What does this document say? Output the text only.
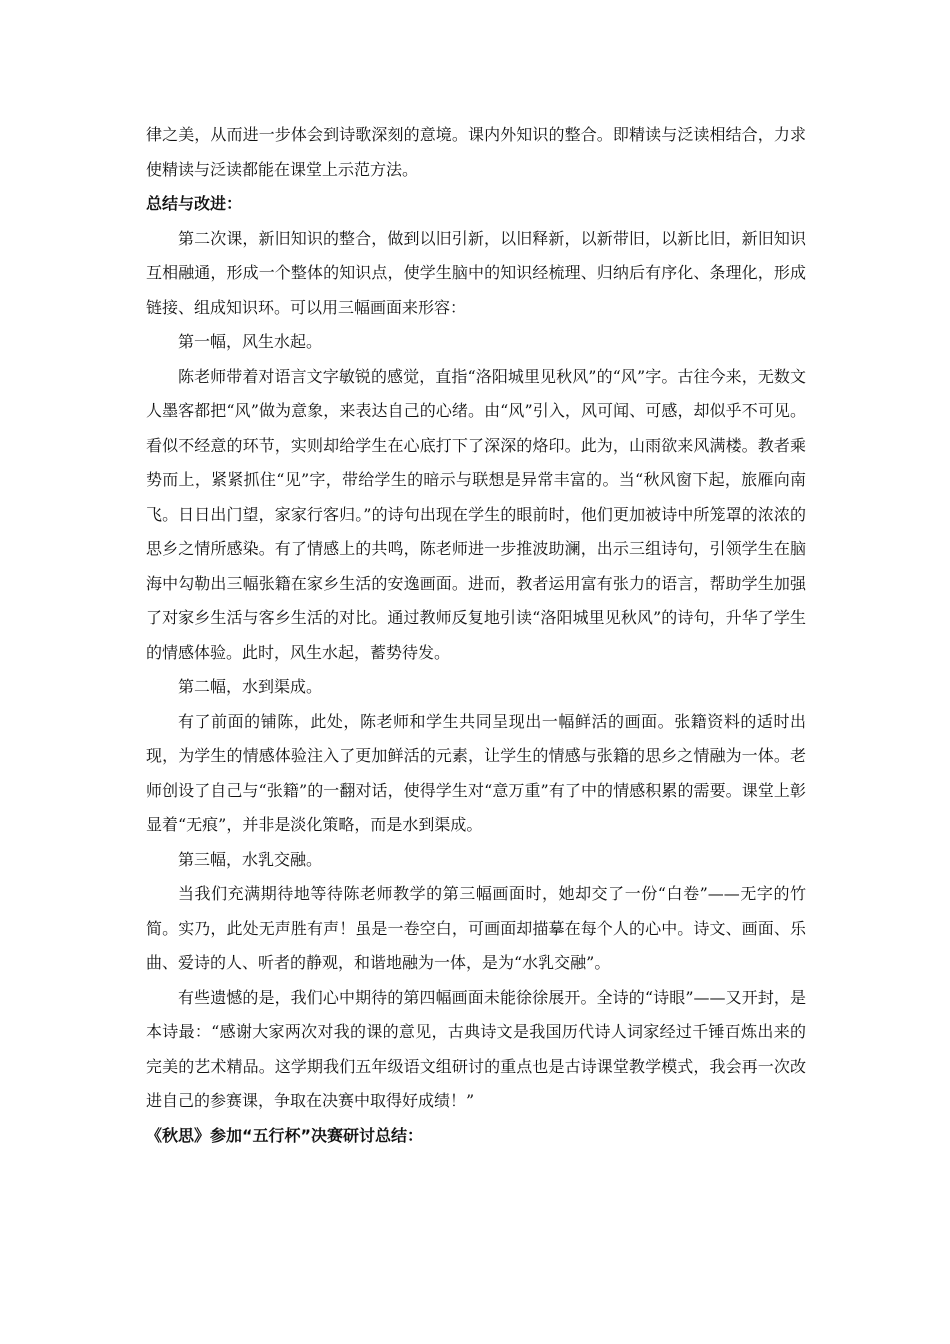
律之美，从而进一步体会到诗歌深刻的意境。课内外知识的整合。即精读与泛读相结合，力求使精读与泛读都能在课堂上示范方法。

总结与改进：

第二次课，新旧知识的整合，做到以旧引新，以旧释新，以新带旧，以新比旧，新旧知识互相融通，形成一个整体的知识点，使学生脑中的知识经梳理、归纳后有序化、条理化，形成链接、组成知识环。可以用三幅画面来形容：

第一幅，风生水起。

陈老师带着对语言文字敏锐的感觉，直指“洛阳城里见秋风”的“风”字。古往今来，无数文人墨客都把“风”做为意象，来表达自己的心绪。由“风”引入，风可闻、可感，却似乎不可见。看似不经意的环节，实则却给学生在心底打下了深深的烙印。此为，山雨欲来风满楼。教者乘势而上，紧紧抓住“见”字，带给学生的暗示与联想是异常丰富的。当“秋风窗下起，旅雁向南飞。日日出门望，家家行客归。”的诗句出现在学生的眼前时，他们更加被诗中所笼罩的浓浓的思乡之情所感染。有了情感上的共鸣，陈老师进一步推波助澜，出示三组诗句，引领学生在脑海中勾勒出三幅张籍在家乡生活的安逸画面。进而，教者运用富有张力的语言，帮助学生加强了对家乡生活与客乡生活的对比。通过教师反复地引读“洛阳城里见秋风”的诗句，升华了学生的情感体验。此时，风生水起，蓄势待发。

第二幅，水到渠成。

有了前面的铺陈，此处，陈老师和学生共同呈现出一幅鲜活的画面。张籍资料的适时出现，为学生的情感体验注入了更加鲜活的元素，让学生的情感与张籍的思乡之情融为一体。老师创设了自己与“张籍”的一翻对话，使得学生对“意万重”有了中的情感积累的需要。课堂上彰显着“无痕”，并非是淡化策略，而是水到渠成。

第三幅，水乳交融。

当我们充满期待地等待陈老师教学的第三幅画面时，她却交了一份“白卷”——无字的竹简。实乃，此处无声胜有声！虽是一卷空白，可画面却描摹在每个人的心中。诗文、画面、乐曲、爱诗的人、听者的静观，和谐地融为一体，是为“水乳交融”。

有些遗憾的是，我们心中期待的第四幅画面未能徐徐展开。全诗的“诗眼”——又开封，是本诗最：“感谢大家两次对我的课的意见，古典诗文是我国历代诗人词家经过千锤百炼出来的完美的艺术精品。这学期我们五年级语文组研讨的重点也是古诗课堂教学模式，我会再一次改进自己的参赛课，争取在决赛中取得好成绩！”

《秋思》参加“五行杯”决赛研讨总结：
